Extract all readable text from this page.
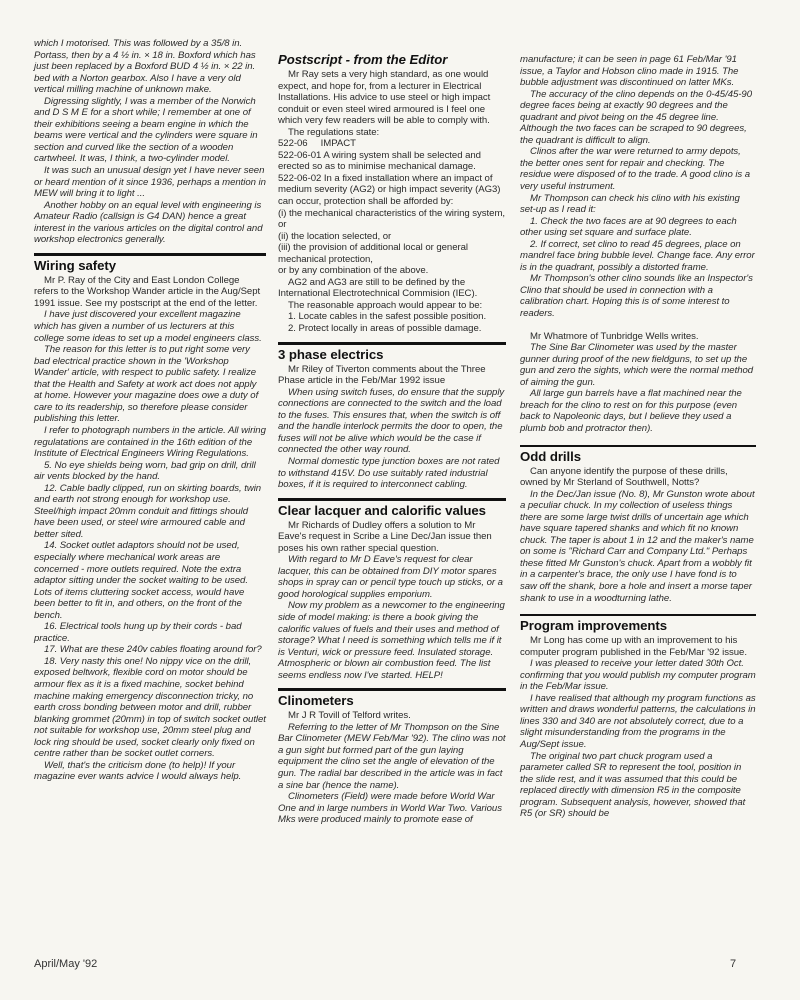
which I motorised. This was followed by a 35/8 in. Portass, then by a 4 ½ in. × 18 in. Boxford which has just been replaced by a Boxford BUD 4 ½ in. × 22 in. bed with a Norton gearbox. Also I have a very old vertical milling machine of unknown make.

Digressing slightly, I was a member of the Norwich and D S M E for a short while; I remember at one of their exhibitions seeing a beam engine in which the beams were vertical and the cylinders were square in section and curved like the section of a wooden cartwheel. It was, I think, a two-cylinder model.

It was such an unusual design yet I have never seen or heard mention of it since 1936, perhaps a mention in MEW will bring it to light ...

Another hobby on an equal level with engineering is Amateur Radio (callsign is G4 DAN) hence a great interest in the various articles on the digital control and workshop electronics generally.

Wiring safety

Mr P. Ray of the City and East London College refers to the Workshop Wander article in the Aug/Sept 1991 issue. See my postscript at the end of the letter.

I have just discovered your excellent magazine which has given a number of us lecturers at this college some ideas to set up a model engineers class.

The reason for this letter is to put right some very bad electrical practice shown in the 'Workshop Wander' article, with respect to public safety. I realize that the Health and Safety at work act does not apply at home. However your magazine does owe a duty of care to its readership, so therefore please consider publishing this letter.

I refer to photograph numbers in the article. All wiring regulatations are contained in the 16th edition of the Institute of Electrical Engineers Wiring Regulations.

5. No eye shields being worn, bad grip on drill, drill air vents blocked by the hand.

12. Cable badly clipped, run on skirting boards, twin and earth not strong enough for workshop use. Steel/high impact 20mm conduit and fittings should have been used, or steel wire armoured cable and better sited.

14. Socket outlet adaptors should not be used, especially where mechanical work areas are concerned - more outlets required. Note the extra adaptor sitting under the socket waiting to be used. Lots of items cluttering socket access, would have been better to fit in, and others, on the front of the bench.

16. Electrical tools hung up by their cords - bad practice.

17. What are these 240v cables floating around for?

18. Very nasty this one! No nippy vice on the drill, exposed beltwork, flexible cord on motor should be armour flex as it is a fixed machine, socket behind machine making emergency disconnection tricky, no earth cross bonding between motor and drill, rubber blanking grommet (20mm) in top of switch socket outlet not suitable for workshop use, 20mm steel plug and lock ring should be used, socket clearly only fixed on centre rather than be socket outlet corners.

Well, that's the criticism done (to help)! If your magazine ever wants advice I would always help.

Postscript - from the Editor

Mr Ray sets a very high standard, as one would expect, and hope for, from a lecturer in Electrical Installations. His advice to use steel or high impact conduit or even steel wired armoured is I feel one which very few readers will be able to comply with.

The regulations state:

522-06     IMPACT

522-06-01 A wiring system shall be selected and erected so as to minimise mechanical damage.

522-06-02 In a fixed installation where an impact of medium severity (AG2) or high impact severity (AG3) can occur, protection shall be afforded by:

(i) the mechanical characteristics of the wiring system, or

(ii) the location selected, or

(iii) the provision of additional local or general mechanical protection,

or by any combination of the above.

AG2 and AG3 are still to be defined by the International Electrotechnical Commision (IEC).

The reasonable approach would appear to be:

1. Locate cables in the safest possible position.

2. Protect locally in areas of possible damage.

3 phase electrics

Mr Riley of Tiverton comments about the Three Phase article in the Feb/Mar 1992 issue

When using switch fuses, do ensure that the supply connections are connected to the switch and the load to the fuses. This ensures that, when the switch is off and the handle interlock permits the door to open, the fuses will not be alive which would be the case if connected the other way round.

Normal domestic type junction boxes are not rated to withstand 415V. Do use suitably rated industrial boxes, if it is required to interconnect cabling.

Clear lacquer and calorific values

Mr Richards of Dudley offers a solution to Mr Eave's request in Scribe a Line Dec/Jan issue then poses his own rather special question.

With regard to Mr D Eave's request for clear lacquer, this can be obtained from DIY motor spares shops in spray can or pencil type touch up sticks, or a good horological supplies emporium.

Now my problem as a newcomer to the engineering side of model making: is there a book giving the calorific values of fuels and their uses and method of storage? What I need is something which tells me if it is Venturi, wick or pressure feed. Insulated storage. Atmospheric or blown air combustion feed. The list seems endless now I've started. HELP!

Clinometers

Mr J R Tovill of Telford writes.

Referring to the letter of Mr Thompson on the Sine Bar Clinometer (MEW Feb/Mar '92). The clino was not a gun sight but formed part of the gun laying equipment the clino set the angle of elevation of the gun. The radial bar described in the article was in fact a sine bar (hence the name).

Clinometers (Field) were made before World War One and in large numbers in World War Two. Various Mks were produced mainly to promote ease of

manufacture; it can be seen in page 61 Feb/Mar '91 issue, a Taylor and Hobson clino made in 1915. The bubble adjustment was discontinued on latter MKs.

The accuracy of the clino depends on the 0-45/45-90 degree faces being at exactly 90 degrees and the quadrant and pivot being on the 45 degree line. Although the two faces can be scraped to 90 degrees, the quadrant is difficult to align.

Clinos after the war were returned to army depots, the better ones sent for repair and checking. The residue were disposed of to the trade. A good clino is a very useful instrument.

Mr Thompson can check his clino with his existing set-up as I read it:

1. Check the two faces are at 90 degrees to each other using set square and surface plate.

2. If correct, set clino to read 45 degrees, place on mandrel face bring bubble level. Change face. Any error is in the quadrant, possibly a distorted frame.

Mr Thompson's other clino sounds like an Inspector's Clino that should be used in connection with a calibration chart. Hoping this is of some interest to readers.

Mr Whatmore of Tunbridge Wells writes.

The Sine Bar Clinometer was used by the master gunner during proof of the new fieldguns, to set up the gun and zero the sights, which were the normal method of aiming the gun.

All large gun barrels have a flat machined near the breach for the clino to rest on for this purpose (even back to Napoleonic days, but I believe they used a plumb bob and protractor then).

Odd drills

Can anyone identify the purpose of these drills, owned by Mr Sterland of Southwell, Notts?

In the Dec/Jan issue (No. 8), Mr Gunston wrote about a peculiar chuck. In my collection of useless things there are some large twist drills of uncertain age which have square tapered shanks and which fit no known chuck. The taper is about 1 in 12 and the maker's name on some is "Richard Carr and Company Ltd." Perhaps these fitted Mr Gunston's chuck. Apart from a wobbly fit in a carpenter's brace, the only use I have fond is to saw off the shank, bore a hole and insert a morse taper shank to use in a woodturning lathe.

Program improvements

Mr Long has come up with an improvement to his computer program published in the Feb/Mar '92 issue.

I was pleased to receive your letter dated 30th Oct. confirming that you would publish my computer program in the Feb/Mar issue.

I have realised that although my program functions as written and draws wonderful patterns, the calculations in lines 330 and 340 are not absolutely correct, due to a slight misunderstanding from the programs in the Aug/Sept issue.

The original two part chuck program used a parameter called SR to represent the tool, position in the slide rest, and it was assumed that this could be replaced directly with dimension R5 in the composite program. Subsequent analysis, however, showed that R5 (or SR) should be

April/May '92	7
